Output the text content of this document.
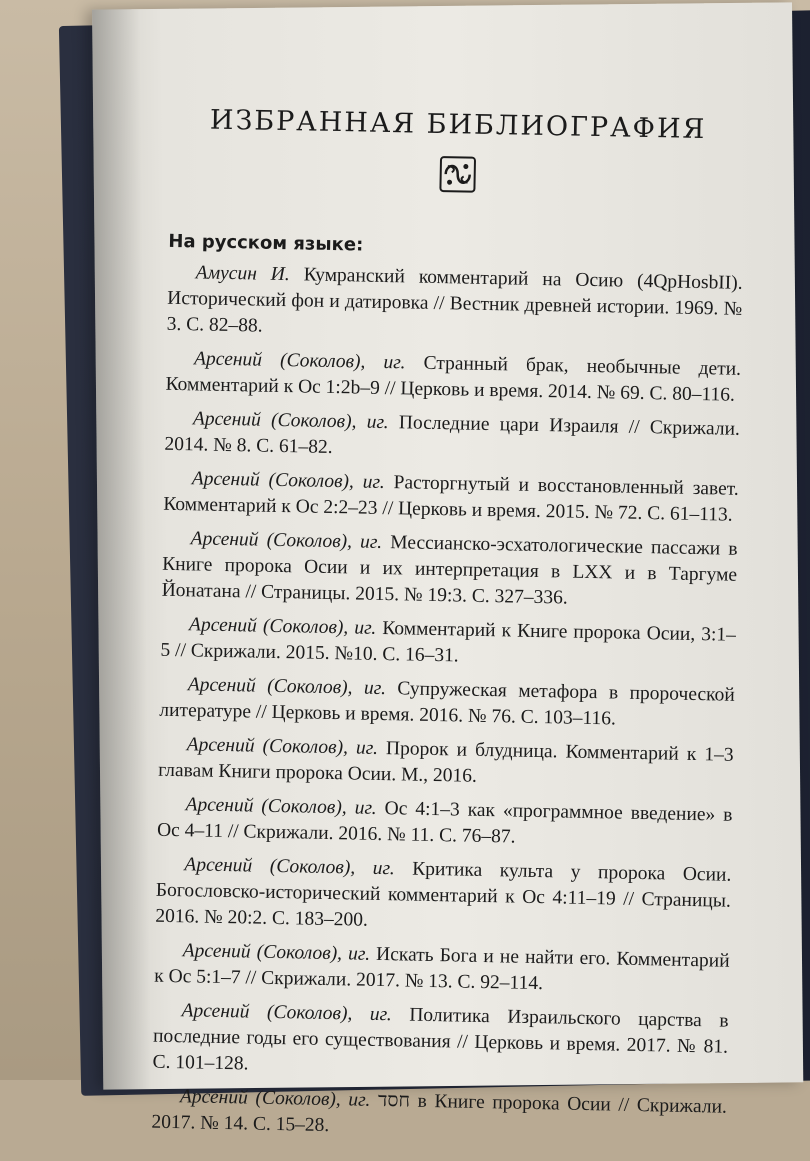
ИЗБРАННАЯ БИБЛИОГРАФИЯ
На русском языке:
Амусин И. Кумранский комментарий на Осию (4QpHosbII). Исторический фон и датировка // Вестник древней истории. 1969. № 3. С. 82–88.
Арсений (Соколов), иг. Странный брак, необычные дети. Комментарий к Ос 1:2b–9 // Церковь и время. 2014. № 69. С. 80–116.
Арсений (Соколов), иг. Последние цари Израиля // Скрижали. 2014. № 8. С. 61–82.
Арсений (Соколов), иг. Расторгнутый и восстановленный завет. Комментарий к Ос 2:2–23 // Церковь и время. 2015. № 72. С. 61–113.
Арсений (Соколов), иг. Мессианско-эсхатологические пассажи в Книге пророка Осии и их интерпретация в LXX и в Таргуме Йонатана // Страницы. 2015. № 19:3. С. 327–336.
Арсений (Соколов), иг. Комментарий к Книге пророка Осии, 3:1–5 // Скрижали. 2015. №10. С. 16–31.
Арсений (Соколов), иг. Супружеская метафора в пророческой литературе // Церковь и время. 2016. № 76. С. 103–116.
Арсений (Соколов), иг. Пророк и блудница. Комментарий к 1–3 главам Книги пророка Осии. М., 2016.
Арсений (Соколов), иг. Ос 4:1–3 как «программное введение» в Ос 4–11 // Скрижали. 2016. № 11. С. 76–87.
Арсений (Соколов), иг. Критика культа у пророка Осии. Богословско-исторический комментарий к Ос 4:11–19 // Страницы. 2016. № 20:2. С. 183–200.
Арсений (Соколов), иг. Искать Бога и не найти его. Комментарий к Ос 5:1–7 // Скрижали. 2017. № 13. С. 92–114.
Арсений (Соколов), иг. Политика Израильского царства в последние годы его существования // Церковь и время. 2017. № 81. С. 101–128.
Арсений (Соколов), иг. חסד в Книге пророка Осии // Скрижали. 2017. № 14. С. 15–28.
